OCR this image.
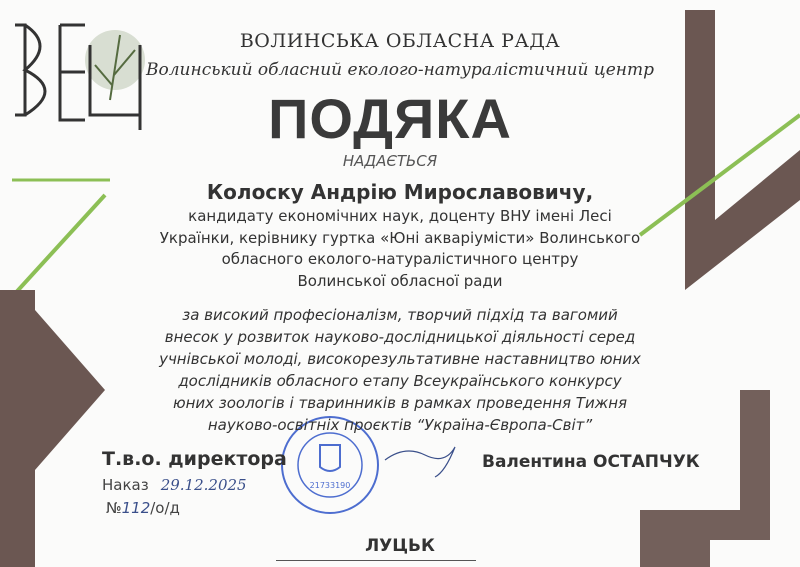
21733190
ВОЛИНСЬКА ОБЛАСНА РАДА
Волинський обласний еколого-натуралістичний центр
ПОДЯКА
НАДАЄТЬСЯ
Колоску Андрію Мирославовичу,
кандидату економічних наук, доценту ВНУ імені Лесі
Українки, керівнику гуртка «Юні акваріумісти» Волинського
обласного еколого-натуралістичного центру
Волинської обласної ради
за високий професіоналізм, творчий підхід та вагомий
внесок у розвиток науково-дослідницької діяльності серед
учнівської молоді, високорезультативне наставництво юних
дослідників обласного етапу Всеукраїнського конкурсу
юних зоологів і тваринників в рамках проведення Тижня
науково-освітніх проєктів “Україна-Європа-Світ”
Т.в.о. директора
Наказ 29.12.2025
№112/о/д
Валентина ОСТАПЧУК
ЛУЦЬК
